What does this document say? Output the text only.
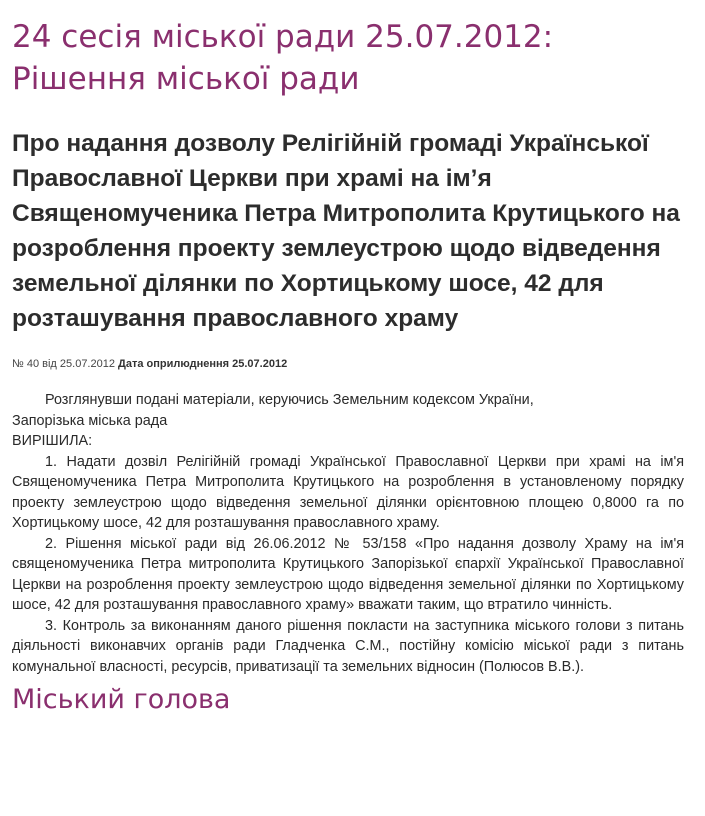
24 сесія міської ради 25.07.2012: Рішення міської ради
Про надання дозволу Релігійній громаді Української Православної Церкви при храмі на ім’я Священомученика Петра Митрополита Крутицького на розроблення проекту землеустрою щодо відведення земельної ділянки по Хортицькому шосе, 42 для розташування православного храму
№ 40 від 25.07.2012 Дата оприлюднення 25.07.2012

Розглянувши подані матеріали, керуючись Земельним кодексом України,

Запорізька міська рада

ВИРІШИЛА:

1. Надати дозвіл Релігійній громаді Української Православної Церкви при храмі на ім'я Священомученика Петра Митрополита Крутицького на розроблення в установленому порядку проекту землеустрою щодо відведення земельної ділянки орієнтовною площею 0,8000 га по Хортицькому шосе, 42 для розташування православного храму.

2. Рішення міської ради від 26.06.2012 № 53/158 «Про надання дозволу Храму на ім'я священомученика Петра митрополита Крутицького Запорізької єпархії Української Православної Церкви на розроблення проекту землеустрою щодо відведення земельної ділянки по Хортицькому шосе, 42 для розташування православного храму» вважати таким, що втратило чинність.

3. Контроль за виконанням даного рішення покласти на заступника міського голови з питань діяльності виконавчих органів ради Гладченка С.М., постійну комісію міської ради з питань комунальної власності, ресурсів, приватизації та земельних відносин (Полюсов В.В.).

Міський голова
